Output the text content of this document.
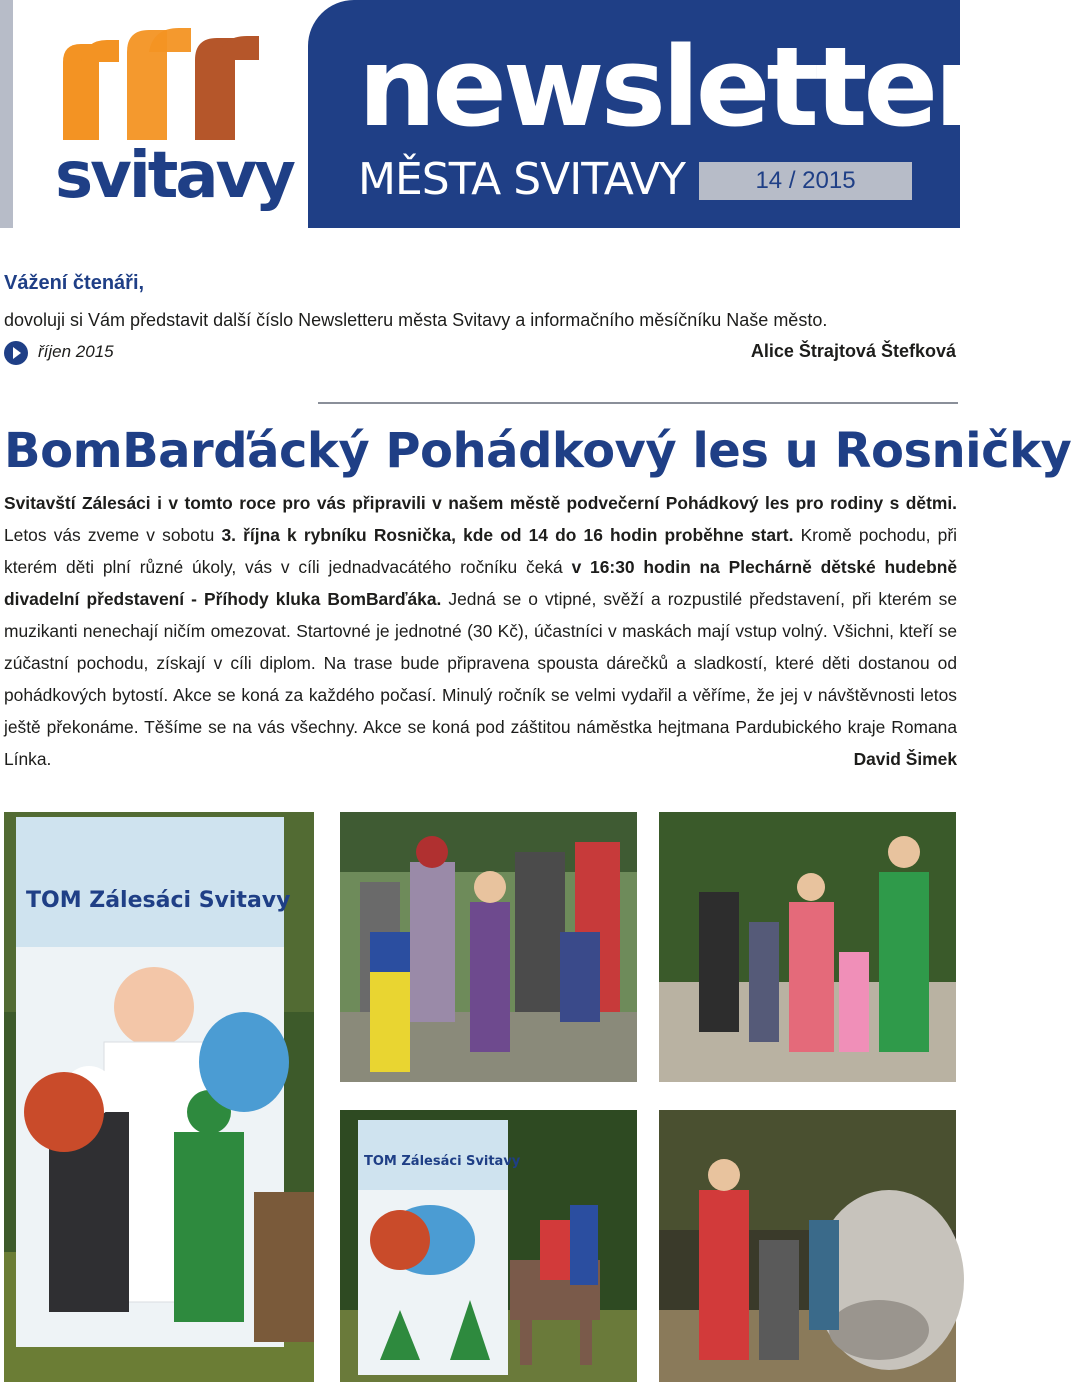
svitavy
newsletter
MĚSTA SVITAVY	14 / 2015
Vážení čtenáři,
dovoluji si Vám představit další číslo Newsletteru města Svitavy a informačního měsíčníku Naše město.
říjen 2015	Alice Štrajtová Štefková
BomBarďácký Pohádkový les u Rosničky
Svitavští Zálesáci i v tomto roce pro vás připravili v našem městě podvečerní Pohádkový les pro rodiny s dětmi. Letos vás zveme v sobotu 3. října k rybníku Rosnička, kde od 14 do 16 hodin proběhne start. Kromě pochodu, při kterém děti plní různé úkoly, vás v cíli jednadvacátého ročníku čeká v 16:30 hodin na Plechárně dětské hudebně divadelní představení - Příhody kluka BomBarďáka. Jedná se o vtipné, svěží a rozpustilé představení, při kterém se muzikanti nenechají ničím omezovat. Startovné je jednotné (30 Kč), účastníci v maskách mají vstup volný. Všichni, kteří se zúčastní pochodu, získají v cíli diplom. Na trase bude připravena spousta dárečků a sladkostí, které děti dostanou od pohádkových bytostí. Akce se koná za každého počasí. Minulý ročník se velmi vydařil a věříme, že jej v návštěvnosti letos ještě překonáme. Těšíme se na vás všechny. Akce se koná pod záštitou náměstka hejtmana Pardubického kraje Romana Línka.	David Šimek
TOM Zálesáci Svitavy
TOM Zálesáci Svitavy
